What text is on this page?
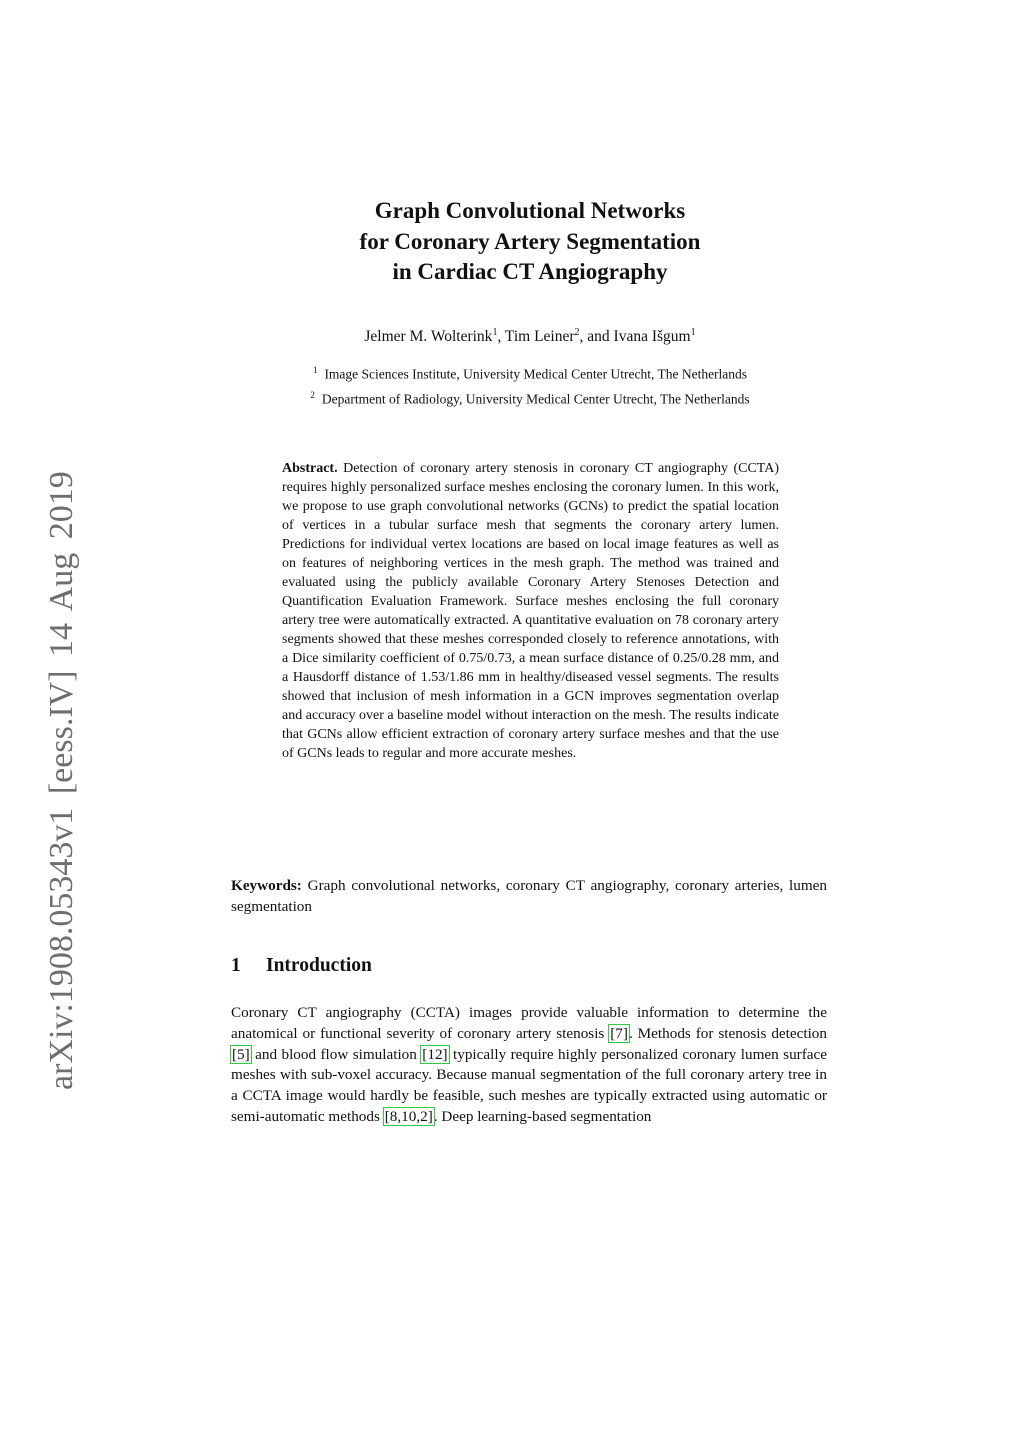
arXiv:1908.05343v1 [eess.IV] 14 Aug 2019
Graph Convolutional Networks
for Coronary Artery Segmentation
in Cardiac CT Angiography
Jelmer M. Wolterink$^1$, Tim Leiner$^2$, and Ivana Išgum$^1$
$^1$ Image Sciences Institute, University Medical Center Utrecht, The Netherlands
$^2$ Department of Radiology, University Medical Center Utrecht, The Netherlands

Abstract. Detection of coronary artery stenosis in coronary CT angiography (CCTA) requires highly personalized surface meshes enclosing the coronary lumen. In this work, we propose to use graph convolutional networks (GCNs) to predict the spatial location of vertices in a tubular surface mesh that segments the coronary artery lumen. Predictions for individual vertex locations are based on local image features as well as on features of neighboring vertices in the mesh graph. The method was trained and evaluated using the publicly available Coronary Artery Stenoses Detection and Quantification Evaluation Framework. Surface meshes enclosing the full coronary artery tree were automatically extracted. A quantitative evaluation on 78 coronary artery segments showed that these meshes corresponded closely to reference annotations, with a Dice similarity coefficient of 0.75/0.73, a mean surface distance of 0.25/0.28 mm, and a Hausdorff distance of 1.53/1.86 mm in healthy/diseased vessel segments. The results showed that inclusion of mesh information in a GCN improves segmentation overlap and accuracy over a baseline model without interaction on the mesh. The results indicate that GCNs allow efficient extraction of coronary artery surface meshes and that the use of GCNs leads to regular and more accurate meshes.

Keywords: Graph convolutional networks, coronary CT angiography, coronary arteries, lumen segmentation

1 Introduction

Coronary CT angiography (CCTA) images provide valuable information to determine the anatomical or functional severity of coronary artery stenosis [7]. Methods for stenosis detection [5] and blood flow simulation [12] typically require highly personalized coronary lumen surface meshes with sub-voxel accuracy. Because manual segmentation of the full coronary artery tree in a CCTA image would hardly be feasible, such meshes are typically extracted using automatic or semi-automatic methods [8,10,2]. Deep learning-based segmentation
